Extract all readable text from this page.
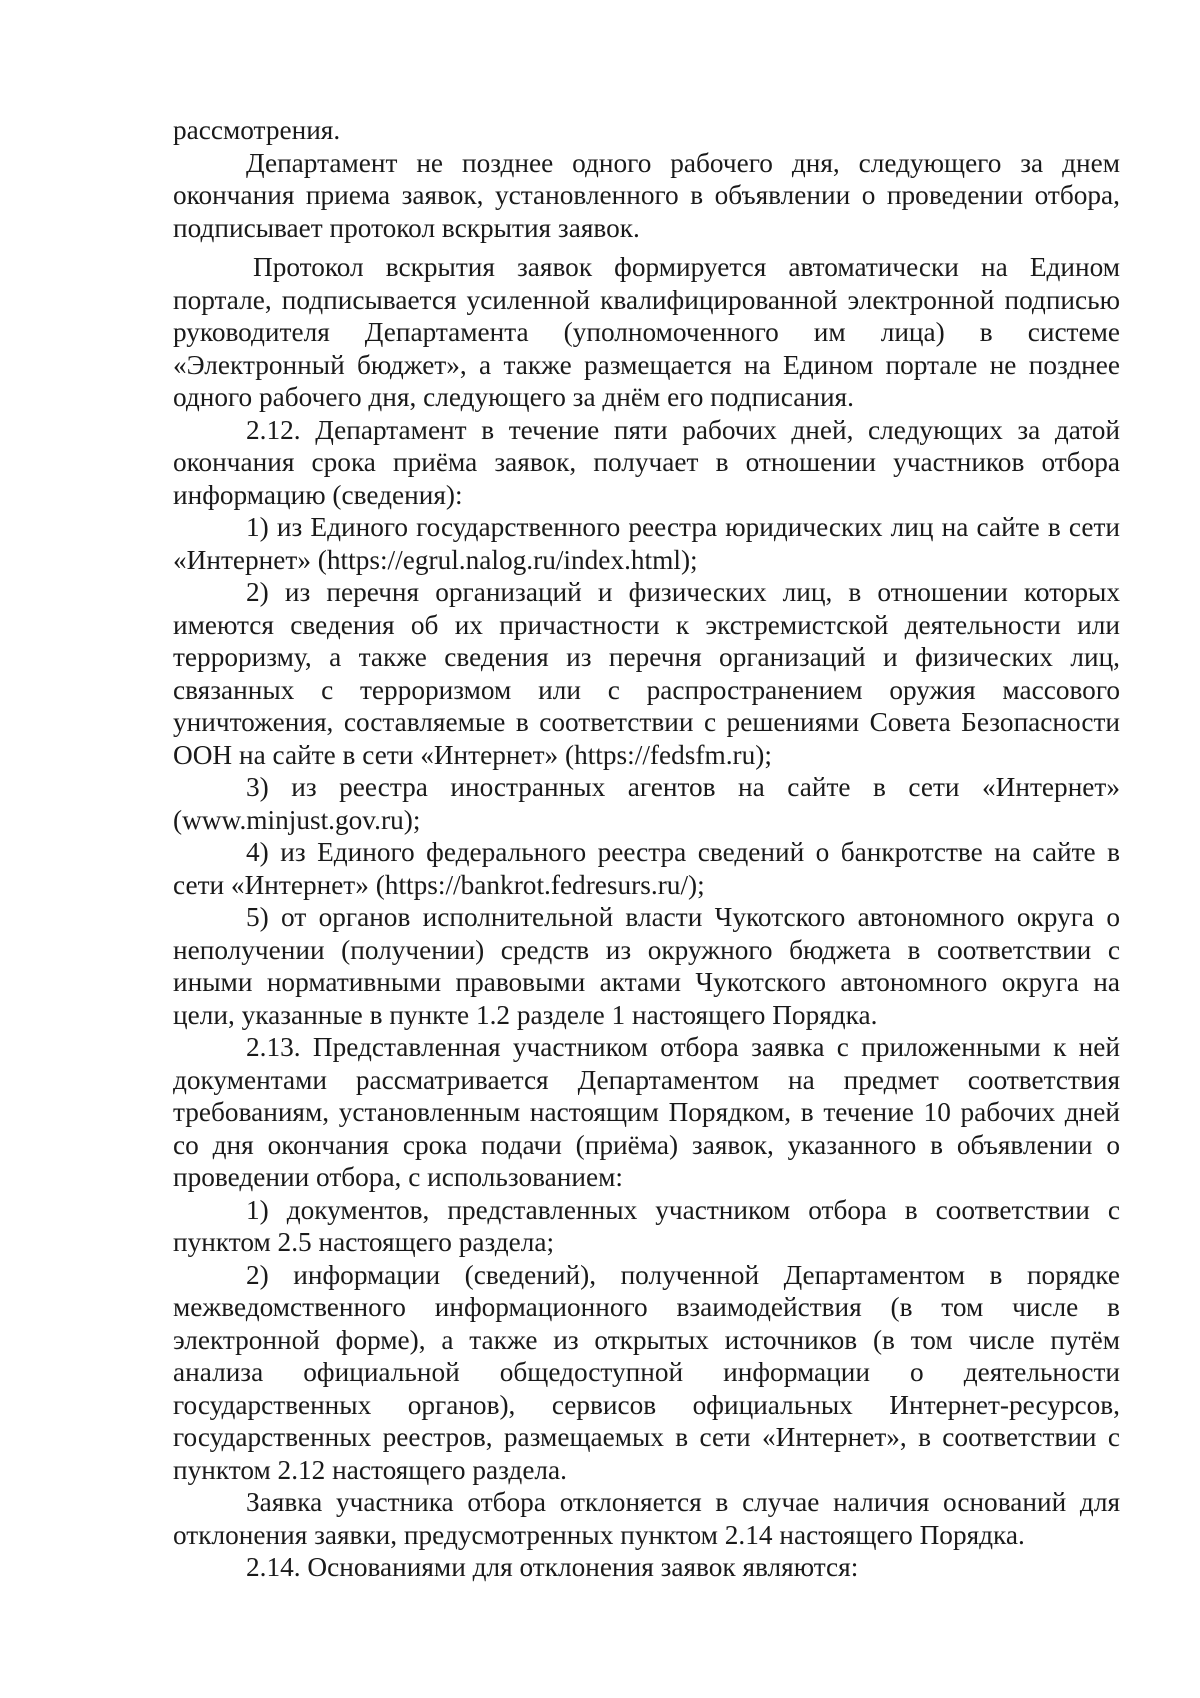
рассмотрения.

Департамент не позднее одного рабочего дня, следующего за днем окончания приема заявок, установленного в объявлении о проведении отбора, подписывает протокол вскрытия заявок.

Протокол вскрытия заявок формируется автоматически на Едином портале, подписывается усиленной квалифицированной электронной подписью руководителя Департамента (уполномоченного им лица) в системе «Электронный бюджет», а также размещается на Едином портале не позднее одного рабочего дня, следующего за днём его подписания.

2.12. Департамент в течение пяти рабочих дней, следующих за датой окончания срока приёма заявок, получает в отношении участников отбора информацию (сведения):

1) из Единого государственного реестра юридических лиц на сайте в сети «Интернет» (https://egrul.nalog.ru/index.html);

2) из перечня организаций и физических лиц, в отношении которых имеются сведения об их причастности к экстремистской деятельности или терроризму, а также сведения из перечня организаций и физических лиц, связанных с терроризмом или с распространением оружия массового уничтожения, составляемые в соответствии с решениями Совета Безопасности ООН на сайте в сети «Интернет» (https://fedsfm.ru);

3) из реестра иностранных агентов на сайте в сети «Интернет» (www.minjust.gov.ru);

4) из Единого федерального реестра сведений о банкротстве на сайте в сети «Интернет» (https://bankrot.fedresurs.ru/);

5) от органов исполнительной власти Чукотского автономного округа о неполучении (получении) средств из окружного бюджета в соответствии с иными нормативными правовыми актами Чукотского автономного округа на цели, указанные в пункте 1.2 разделе 1 настоящего Порядка.

2.13. Представленная участником отбора заявка с приложенными к ней документами рассматривается Департаментом на предмет соответствия требованиям, установленным настоящим Порядком, в течение 10 рабочих дней со дня окончания срока подачи (приёма) заявок, указанного в объявлении о проведении отбора, с использованием:

1) документов, представленных участником отбора в соответствии с пунктом 2.5 настоящего раздела;

2) информации (сведений), полученной Департаментом в порядке межведомственного информационного взаимодействия (в том числе в электронной форме), а также из открытых источников (в том числе путём анализа официальной общедоступной информации о деятельности государственных органов), сервисов официальных Интернет-ресурсов, государственных реестров, размещаемых в сети «Интернет», в соответствии с пунктом 2.12 настоящего раздела.

Заявка участника отбора отклоняется в случае наличия оснований для отклонения заявки, предусмотренных пунктом 2.14 настоящего Порядка.

2.14. Основаниями для отклонения заявок являются:
